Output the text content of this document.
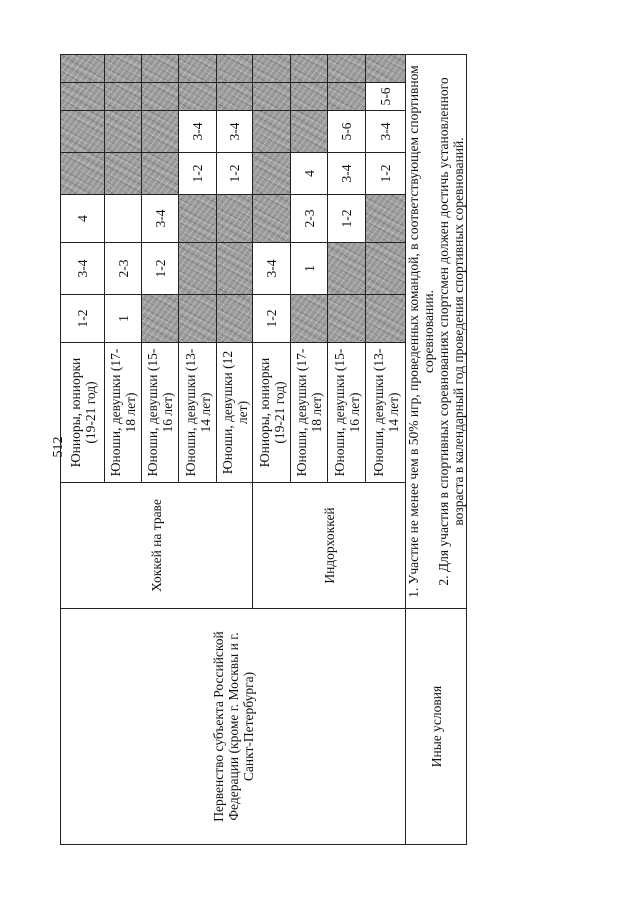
512
Первенство субъекта Российской Федерации (кроме г. Москвы и г. Санкт-Петербурга)	Хоккей на траве	Юниоры, юниорки (19-21 год)	1-2	3-4	4				
		Юноши, девушки (17-18 лет)	1	2-3					
		Юноши, девушки (15-16 лет)		1-2	3-4				
		Юноши, девушки (13-14 лет)				1-2	3-4		
		Юноши, девушки (12 лет)				1-2	3-4		
	Индорхоккей	Юниоры, юниорки (19-21 год)	1-2	3-4					
		Юноши, девушки (17-18 лет)		1	2-3	4			
		Юноши, девушки (15-16 лет)			1-2	3-4	5-6		
		Юноши, девушки (13-14 лет)				1-2	3-4	5-6	
Иные условия	1. Участие не менее чем в 50% игр, проведенных командой, в соответствующем спортивном соревновании. 2. Для участия в спортивных соревнованиях спортсмен должен достичь установленного возраста в календарный год проведения спортивных соревнований.								
